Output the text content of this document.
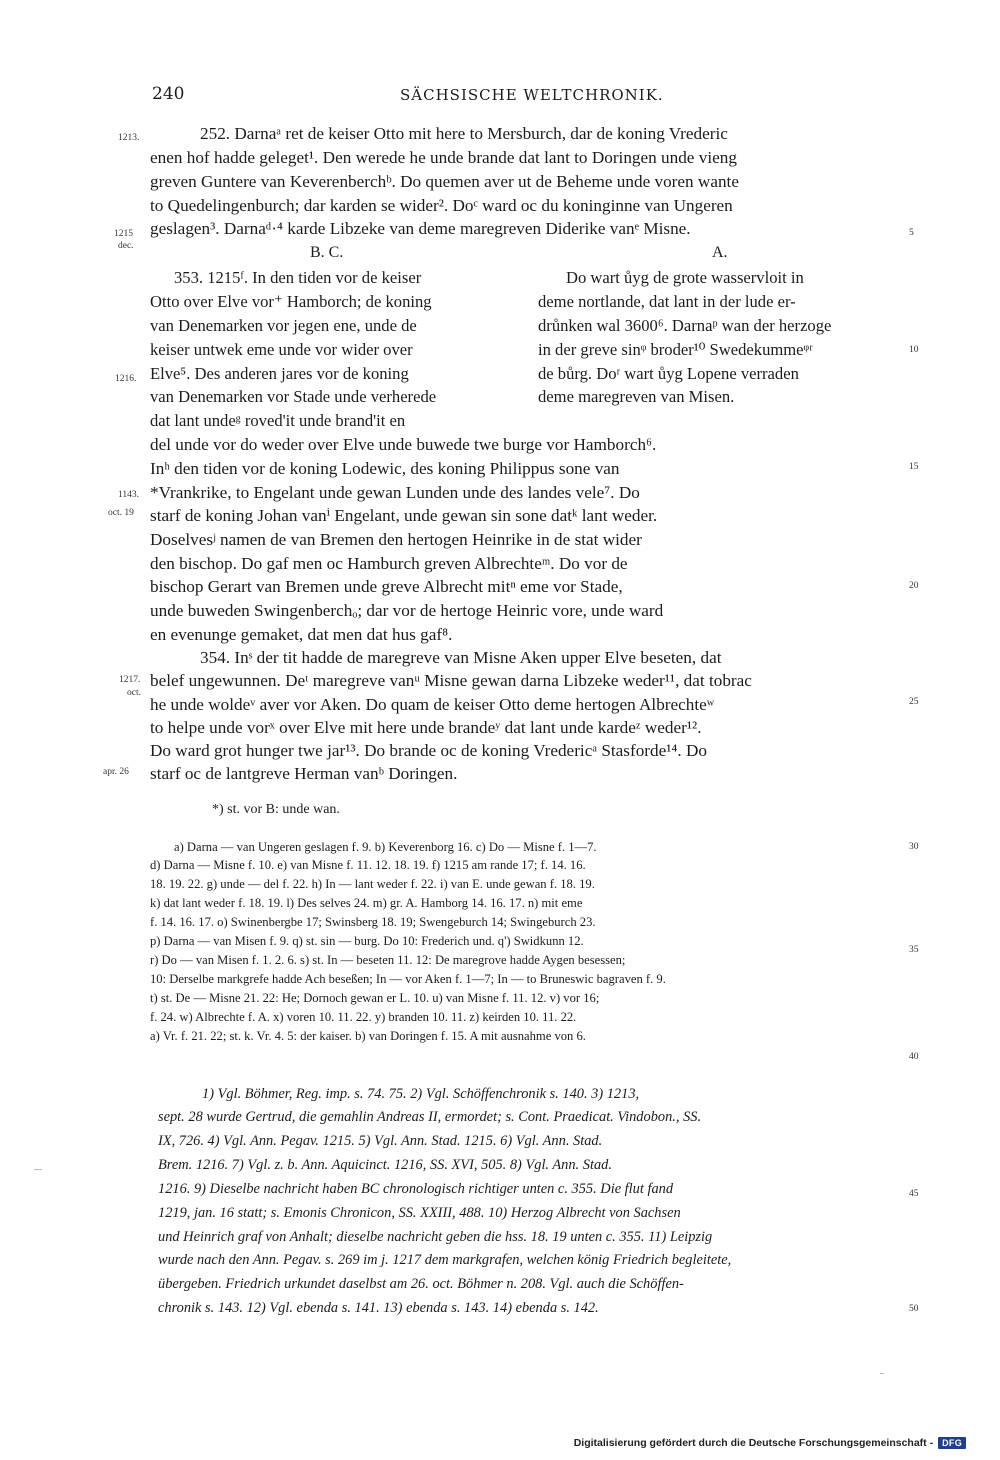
240	SÄCHSISCHE WELTCHRONIK.
1213.
1215
dec.
1216.
1143.
oct. 19
1217.
oct.
apr. 26
5
10
15
20
25
30
35
40
45
50
252. Darnaᵃ ret de keiser Otto mit here to Mersburch, dar de koning Vrederic
enen hof hadde geleget¹. Den werede he unde brande dat lant to Doringen unde vieng
greven Guntere van Keverenberchᵇ. Do quemen aver ut de Beheme unde voren wante
to Quedelingenburch; dar karden se wider². Doᶜ ward oc du koninginne van Ungeren
geslagen³. Darnaᵈ·⁴ karde Libzeke van deme maregreven Diderike vanᵉ Misne.
B. C.	A.
353. 1215ᶠ. In den tiden vor de keiser
Otto over Elve vor⁺ Hamborch; de koning
van Denemarken vor jegen ene, unde de
keiser untwek eme unde vor wider over
Elve⁵. Des anderen jares vor de koning
van Denemarken vor Stade unde verherede
dat lant undeᵍ roved'it unde brand'it en
Do wart ůyg de grote wasservloit in
deme nortlande, dat lant in der lude er-
drůnken wal 3600⁶. Darnaᵖ wan der herzoge
in der greve sinᵠ broder¹⁰ Swedekummeᵠʳ
de bůrg. Doʳ wart ůyg Lopene verraden
deme maregreven van Misen.
del unde vor do weder over Elve unde buwede twe burge vor Hamborch⁶.
Inʰ den tiden vor de koning Lodewic, des koning Philippus sone van
*Vrankrike, to Engelant unde gewan Lunden unde des landes vele⁷. Do
starf de koning Johan vanⁱ Engelant, unde gewan sin sone datᵏ lant weder.
Doselvesʲ namen de van Bremen den hertogen Heinrike in de stat wider
den bischop. Do gaf men oc Hamburch greven Albrechteᵐ. Do vor de
bischop Gerart van Bremen unde greve Albrecht mitⁿ eme vor Stade,
unde buweden Swingenberchₒ; dar vor de hertoge Heinric vore, unde ward
en evenunge gemaket, dat men dat hus gaf⁸.
354. Inˢ der tit hadde de maregreve van Misne Aken upper Elve beseten, dat
belef ungewunnen. Deᵗ maregreve vanᵘ Misne gewan darna Libzeke weder¹¹, dat tobrac
he unde woldeᵛ aver vor Aken. Do quam de keiser Otto deme hertogen Albrechteʷ
to helpe unde vorˣ over Elve mit here unde brandeʸ dat lant unde kardeᶻ weder¹².
Do ward grot hunger twe jar¹³. Do brande oc de koning Vredericᵃ Stasforde¹⁴. Do
starf oc de lantgreve Herman vanᵇ Doringen.
*) st. vor B: unde wan.
a) Darna — van Ungeren geslagen f. 9. b) Keverenborg 16. c) Do — Misne f. 1—7.
d) Darna — Misne f. 10. e) van Misne f. 11. 12. 18. 19. f) 1215 am rande 17; f. 14. 16.
18. 19. 22. g) unde — del f. 22. h) In — lant weder f. 22. i) van E. unde gewan f. 18. 19.
k) dat lant weder f. 18. 19. l) Des selves 24. m) gr. A. Hamborg 14. 16. 17. n) mit eme
f. 14. 16. 17. o) Swinenbergbe 17; Swinsberg 18. 19; Swengeburch 14; Swingeburch 23.
p) Darna — van Misen f. 9. q) st. sin — burg. Do 10: Frederich und. q') Swidkunn 12.
r) Do — van Misen f. 1. 2. 6. s) st. In — beseten 11. 12: De maregrove hadde Aygen besessen;
10: Derselbe markgrefe hadde Ach beseßen; In — vor Aken f. 1—7; In — to Bruneswic bagraven f. 9.
t) st. De — Misne 21. 22: He; Dornoch gewan er L. 10. u) van Misne f. 11. 12. v) vor 16;
f. 24. w) Albrechte f. A. x) voren 10. 11. 22. y) branden 10. 11. z) keirden 10. 11. 22.
a) Vr. f. 21. 22; st. k. Vr. 4. 5: der kaiser. b) van Doringen f. 15. A mit ausnahme von 6.
1) Vgl. Böhmer, Reg. imp. s. 74. 75. 2) Vgl. Schöffenchronik s. 140. 3) 1213,
sept. 28 wurde Gertrud, die gemahlin Andreas II, ermordet; s. Cont. Praedicat. Vindobon., SS.
IX, 726. 4) Vgl. Ann. Pegav. 1215. 5) Vgl. Ann. Stad. 1215. 6) Vgl. Ann. Stad.
Brem. 1216. 7) Vgl. z. b. Ann. Aquicinct. 1216, SS. XVI, 505. 8) Vgl. Ann. Stad.
1216. 9) Dieselbe nachricht haben BC chronologisch richtiger unten c. 355. Die flut fand
1219, jan. 16 statt; s. Emonis Chronicon, SS. XXIII, 488. 10) Herzog Albrecht von Sachsen
und Heinrich graf von Anhalt; dieselbe nachricht geben die hss. 18. 19 unten c. 355. 11) Leipzig
wurde nach den Ann. Pegav. s. 269 im j. 1217 dem markgrafen, welchen könig Friedrich begleitete,
übergeben. Friedrich urkundet daselbst am 26. oct. Böhmer n. 208. Vgl. auch die Schöffen-
chronik s. 143. 12) Vgl. ebenda s. 141. 13) ebenda s. 143. 14) ebenda s. 142.
Digitalisierung gefördert durch die Deutsche Forschungsgemeinschaft -	DFG
